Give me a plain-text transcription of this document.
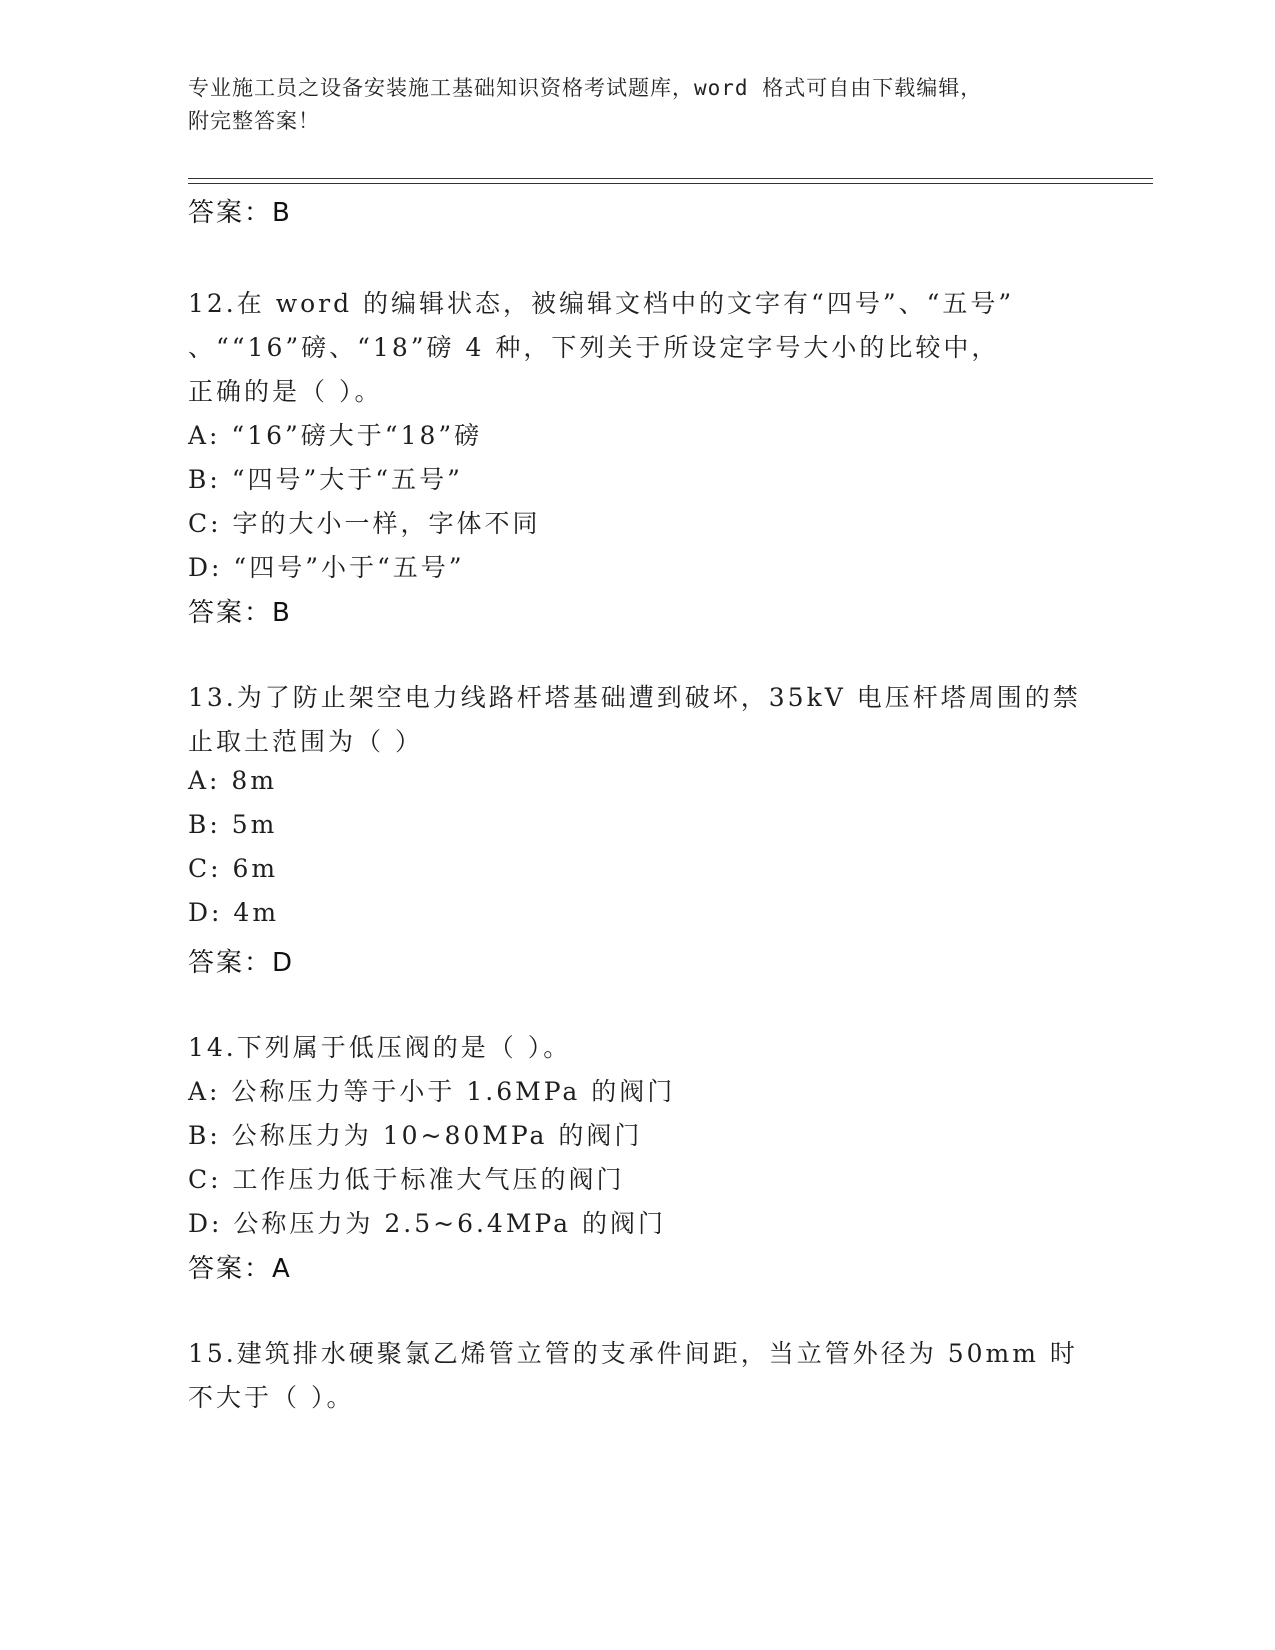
专业施工员之设备安装施工基础知识资格考试题库，word 格式可自由下载编辑，
附完整答案！
答案：B
12.在 word 的编辑状态，被编辑文档中的文字有“四号”、“五号”
、““16”磅、“18”磅 4 种，下列关于所设定字号大小的比较中，
正确的是（ ）。
A: “16”磅大于“18”磅
B: “四号”大于“五号”
C: 字的大小一样，字体不同
D: “四号”小于“五号”
答案：B
13.为了防止架空电力线路杆塔基础遭到破坏，35kV 电压杆塔周围的禁
止取土范围为（ ）
A: 8m
B: 5m
C: 6m
D: 4m
答案：D
14.下列属于低压阀的是（ ）。
A: 公称压力等于小于 1.6MPa 的阀门
B: 公称压力为 10~80MPa 的阀门
C: 工作压力低于标准大气压的阀门
D: 公称压力为 2.5~6.4MPa 的阀门
答案：A
15.建筑排水硬聚氯乙烯管立管的支承件间距，当立管外径为 50mm 时
不大于（ ）。
